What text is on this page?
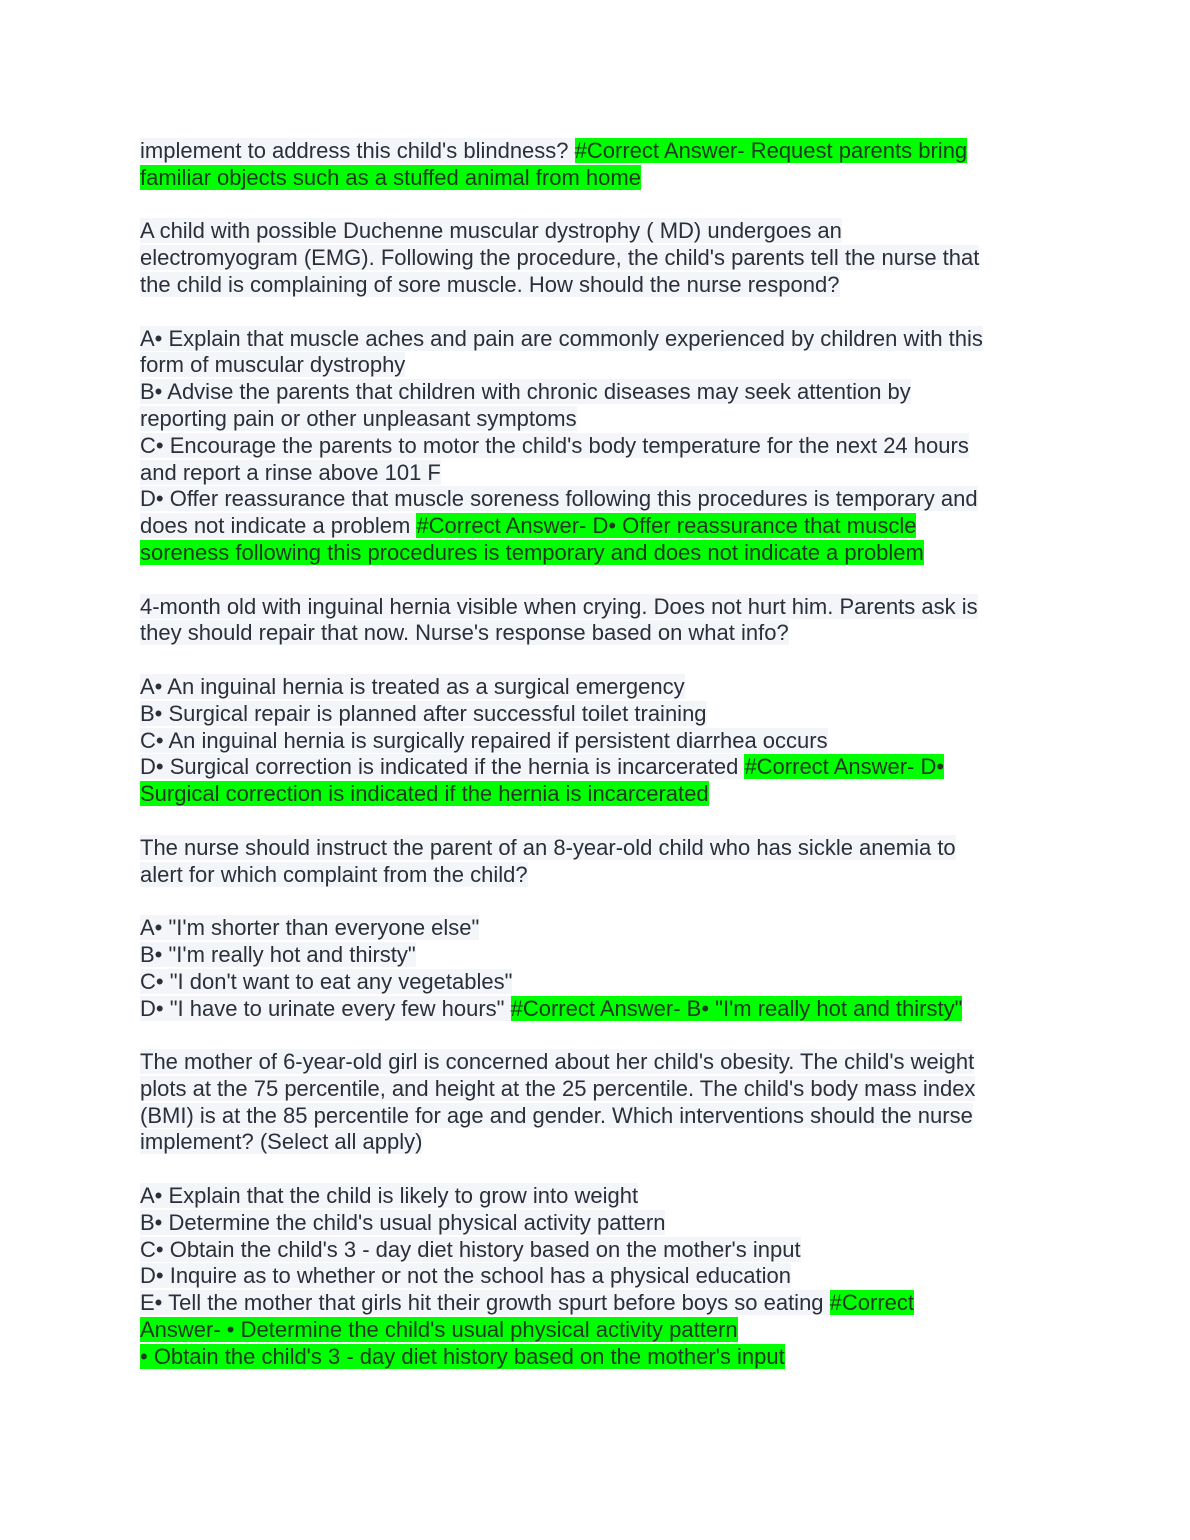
implement to address this child's blindness? #Correct Answer- Request parents bring
familiar objects such as a stuffed animal from home
A child with possible Duchenne muscular dystrophy ( MD) undergoes an
electromyogram (EMG). Following the procedure, the child's parents tell the nurse that
the child is complaining of sore muscle. How should the nurse respond?
A• Explain that muscle aches and pain are commonly experienced by children with this
form of muscular dystrophy
B• Advise the parents that children with chronic diseases may seek attention by
reporting pain or other unpleasant symptoms
C• Encourage the parents to motor the child's body temperature for the next 24 hours
and report a rinse above 101 F
D• Offer reassurance that muscle soreness following this procedures is temporary and
does not indicate a problem #Correct Answer- D• Offer reassurance that muscle
soreness following this procedures is temporary and does not indicate a problem
4-month old with inguinal hernia visible when crying. Does not hurt him. Parents ask is
they should repair that now. Nurse's response based on what info?
A• An inguinal hernia is treated as a surgical emergency
B• Surgical repair is planned after successful toilet training
C• An inguinal hernia is surgically repaired if persistent diarrhea occurs
D• Surgical correction is indicated if the hernia is incarcerated #Correct Answer- D•
Surgical correction is indicated if the hernia is incarcerated
The nurse should instruct the parent of an 8-year-old child who has sickle anemia to
alert for which complaint from the child?
A• "I'm shorter than everyone else"
B• "I'm really hot and thirsty"
C• "I don't want to eat any vegetables"
D• "I have to urinate every few hours" #Correct Answer- B• "I'm really hot and thirsty"
The mother of 6-year-old girl is concerned about her child's obesity. The child's weight
plots at the 75 percentile, and height at the 25 percentile. The child's body mass index
(BMI) is at the 85 percentile for age and gender. Which interventions should the nurse
implement? (Select all apply)
A• Explain that the child is likely to grow into weight
B• Determine the child's usual physical activity pattern
C• Obtain the child's 3 - day diet history based on the mother's input
D• Inquire as to whether or not the school has a physical education
E• Tell the mother that girls hit their growth spurt before boys so eating #Correct
Answer- • Determine the child's usual physical activity pattern
• Obtain the child's 3 - day diet history based on the mother's input
